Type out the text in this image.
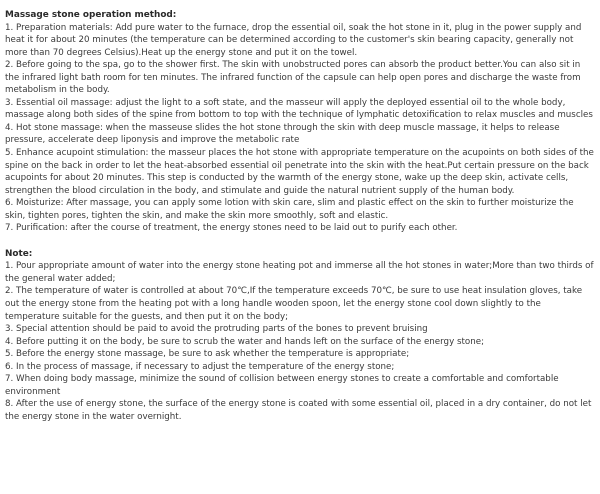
Massage stone operation method:

1. Preparation materials: Add pure water to the furnace, drop the essential oil, soak the hot stone in it, plug in the power supply and heat it for about 20 minutes (the temperature can be determined according to the customer's skin bearing capacity, generally not more than 70 degrees Celsius).Heat up the energy stone and put it on the towel.

2. Before going to the spa, go to the shower first. The skin with unobstructed pores can absorb the product better.You can also sit in the infrared light bath room for ten minutes. The infrared function of the capsule can help open pores and discharge the waste from metabolism in the body.

3. Essential oil massage: adjust the light to a soft state, and the masseur will apply the deployed essential oil to the whole body, massage along both sides of the spine from bottom to top with the technique of lymphatic detoxification to relax muscles and muscles

4. Hot stone massage: when the masseuse slides the hot stone through the skin with deep muscle massage, it helps to release pressure, accelerate deep liponysis and improve the metabolic rate

5. Enhance acupoint stimulation: the masseur places the hot stone with appropriate temperature on the acupoints on both sides of the spine on the back in order to let the heat-absorbed essential oil penetrate into the skin with the heat.Put certain pressure on the back acupoints for about 20 minutes. This step is conducted by the warmth of the energy stone, wake up the deep skin, activate cells, strengthen the blood circulation in the body, and stimulate and guide the natural nutrient supply of the human body.

6. Moisturize: After massage, you can apply some lotion with skin care, slim and plastic effect on the skin to further moisturize the skin, tighten pores, tighten the skin, and make the skin more smoothly, soft and elastic.

7. Purification: after the course of treatment, the energy stones need to be laid out to purify each other.

Note:

1. Pour appropriate amount of water into the energy stone heating pot and immerse all the hot stones in water;More than two thirds of the general water added;

2. The temperature of water is controlled at about 70℃,If the temperature exceeds 70℃, be sure to use heat insulation gloves, take out the energy stone from the heating pot with a long handle wooden spoon, let the energy stone cool down slightly to the temperature suitable for the guests, and then put it on the body;

3. Special attention should be paid to avoid the protruding parts of the bones to prevent bruising

4. Before putting it on the body, be sure to scrub the water and hands left on the surface of the energy stone;

5. Before the energy stone massage, be sure to ask whether the temperature is appropriate;

6. In the process of massage, if necessary to adjust the temperature of the energy stone;

7. When doing body massage, minimize the sound of collision between energy stones to create a comfortable and comfortable environment

8. After the use of energy stone, the surface of the energy stone is coated with some essential oil, placed in a dry container, do not let the energy stone in the water overnight.
